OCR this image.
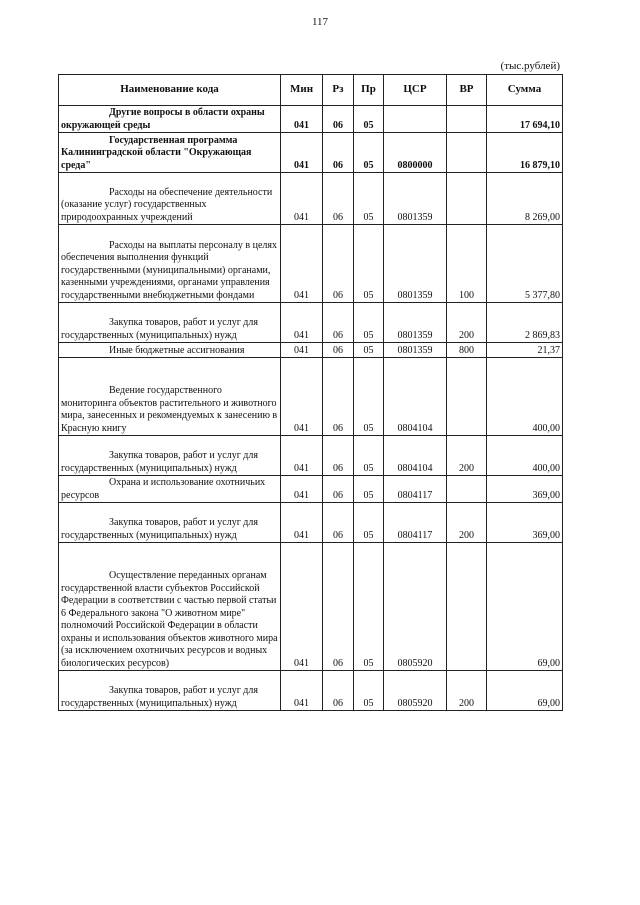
117
(тыс.рублей)
Наименование кода	Мин	Рз	Пр	ЦСР	ВР	Сумма

Другие вопросы в области охраны окружающей среды	041	06	05			17 694,10

Государственная программа Калининградской области "Окружающая среда"	041	06	05	0800000		16 879,10

Расходы на обеспечение деятельности (оказание услуг) государственных природоохранных учреждений	041	06	05	0801359		8 269,00

Расходы на выплаты персоналу в целях обеспечения выполнения функций государственными (муниципальными) органами, казенными учреждениями, органами управления государственными внебюджетными фондами	041	06	05	0801359	100	5 377,80

Закупка товаров, работ и услуг для государственных (муниципальных) нужд	041	06	05	0801359	200	2 869,83

Иные бюджетные ассигнования	041	06	05	0801359	800	21,37

Ведение государственного мониторинга объектов растительного и животного мира, занесенных и рекомендуемых к занесению в Красную книгу	041	06	05	0804104		400,00

Закупка товаров, работ и услуг для государственных (муниципальных) нужд	041	06	05	0804104	200	400,00

Охрана и использование охотничьих ресурсов	041	06	05	0804117		369,00

Закупка товаров, работ и услуг для государственных (муниципальных) нужд	041	06	05	0804117	200	369,00

Осуществление переданных органам государственной власти субъектов Российской Федерации в соответствии с частью первой статьи 6 Федерального закона "О животном мире" полномочий Российской Федерации в области охраны и использования объектов животного мира (за исключением охотничьих ресурсов и водных биологических ресурсов)	041	06	05	0805920		69,00

Закупка товаров, работ и услуг для государственных (муниципальных) нужд	041	06	05	0805920	200	69,00
